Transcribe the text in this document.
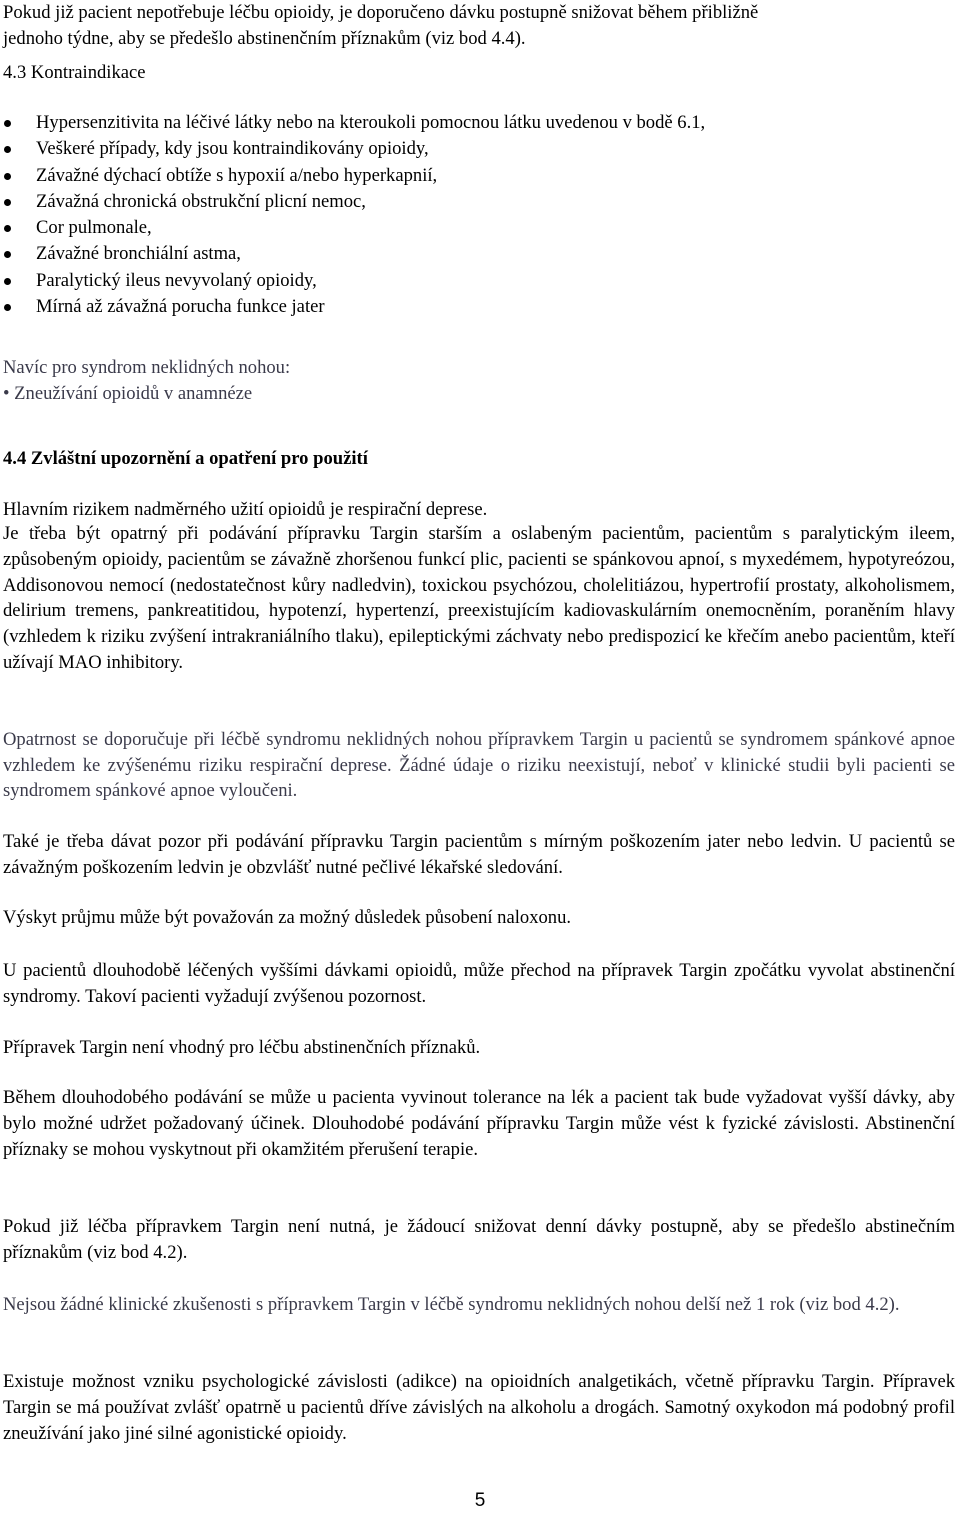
Pokud již pacient nepotřebuje léčbu opioidy, je doporučeno dávku postupně snižovat během přibližně
jednoho týdne, aby se předešlo abstinenčním příznakům (viz bod 4.4).
4.3 Kontraindikace
Hypersenzitivita na léčivé látky nebo na kteroukoli pomocnou látku uvedenou v bodě 6.1,
Veškeré případy, kdy jsou kontraindikovány opioidy,
Závažné dýchací obtíže s hypoxií a/nebo hyperkapnií,
Závažná chronická obstrukční plicní nemoc,
Cor pulmonale,
Závažné bronchiální astma,
Paralytický ileus nevyvolaný opioidy,
Mírná až závažná porucha funkce jater
Navíc pro syndrom neklidných nohou:
• Zneužívání opioidů v anamnéze
4.4 Zvláštní upozornění a opatření pro použití
Hlavním rizikem nadměrného užití opioidů je respirační deprese.
Je třeba být opatrný při podávání přípravku Targin starším a oslabeným pacientům, pacientům s paralytickým ileem, způsobeným opioidy, pacientům se závažně zhoršenou funkcí plic, pacienti se spánkovou apnoí, s myxedémem, hypotyreózou, Addisonovou nemocí (nedostatečnost kůry nadledvin), toxickou psychózou, cholelitiázou, hypertrofií prostaty, alkoholismem, delirium tremens, pankreatitidou, hypotenzí, hypertenzí, preexistujícím kadiovaskulárním onemocněním, poraněním hlavy (vzhledem k riziku zvýšení intrakraniálního tlaku), epileptickými záchvaty nebo predispozicí ke křečím anebo pacientům, kteří užívají MAO inhibitory.
Opatrnost se doporučuje při léčbě syndromu neklidných nohou přípravkem Targin u pacientů se syndromem spánkové apnoe vzhledem ke zvýšenému riziku respirační deprese. Žádné údaje o riziku neexistují, neboť v klinické studii byli pacienti se syndromem spánkové apnoe vyloučeni.
Také je třeba dávat pozor při podávání přípravku Targin pacientům s mírným poškozením jater nebo ledvin. U pacientů se závažným poškozením ledvin je obzvlášť nutné pečlivé lékařské sledování.
Výskyt průjmu může být považován za možný důsledek působení naloxonu.
U pacientů dlouhodobě léčených vyššími dávkami opioidů, může přechod na přípravek Targin zpočátku vyvolat abstinenční syndromy. Takoví pacienti vyžadují zvýšenou pozornost.
Přípravek Targin není vhodný pro léčbu abstinenčních příznaků.
Během dlouhodobého podávání se může u pacienta vyvinout tolerance na lék a pacient tak bude vyžadovat vyšší dávky, aby bylo možné udržet požadovaný účinek. Dlouhodobé podávání přípravku Targin může vést k fyzické závislosti. Abstinenční příznaky se mohou vyskytnout při okamžitém přerušení terapie.
Pokud již léčba přípravkem Targin není nutná, je žádoucí snižovat denní dávky postupně, aby se předešlo abstinečním příznakům (viz bod 4.2).
Nejsou žádné klinické zkušenosti s přípravkem Targin v léčbě syndromu neklidných nohou delší než 1 rok (viz bod 4.2).
Existuje možnost vzniku psychologické závislosti (adikce) na opioidních analgetikách, včetně přípravku Targin. Přípravek Targin se má používat zvlášť opatrně u pacientů dříve závislých na alkoholu a drogách. Samotný oxykodon má podobný profil zneužívání jako jiné silné agonistické opioidy.
5
